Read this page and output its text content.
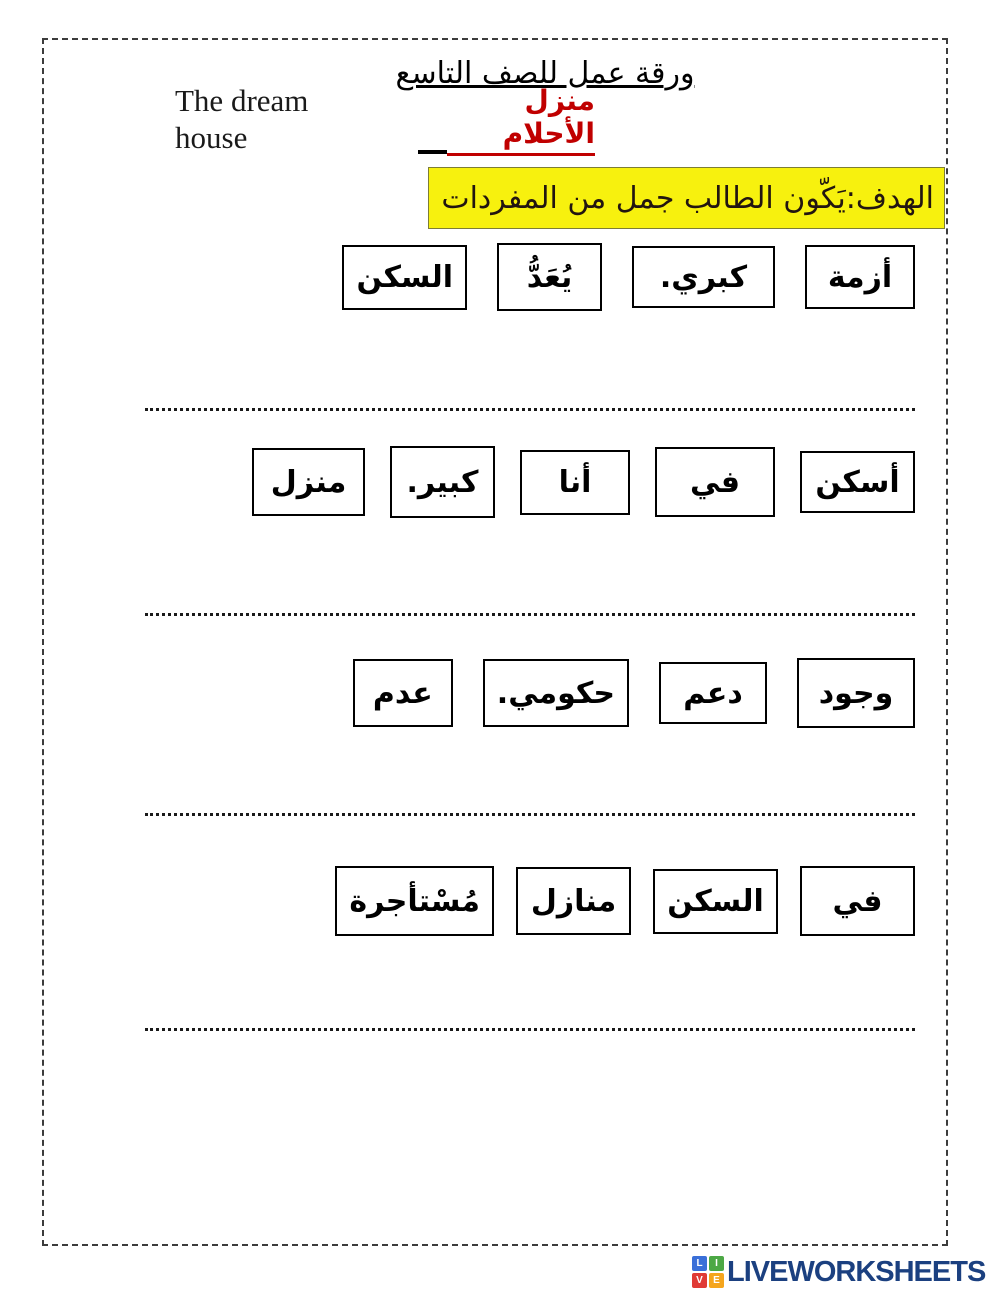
ورقة عمل للصف التاسع
The dream house
منزل الأحلام
الهدف:يَكّون الطالب جمل من المفردات
أزمة
كبري.
يُعَدُّ
السكن
أسكن
في
أنا
كبير.
منزل
وجود
دعم
حكومي.
عدم
في
السكن
منازل
مُسْتأجرة
L	I
V	E LIVEWORKSHEETS
